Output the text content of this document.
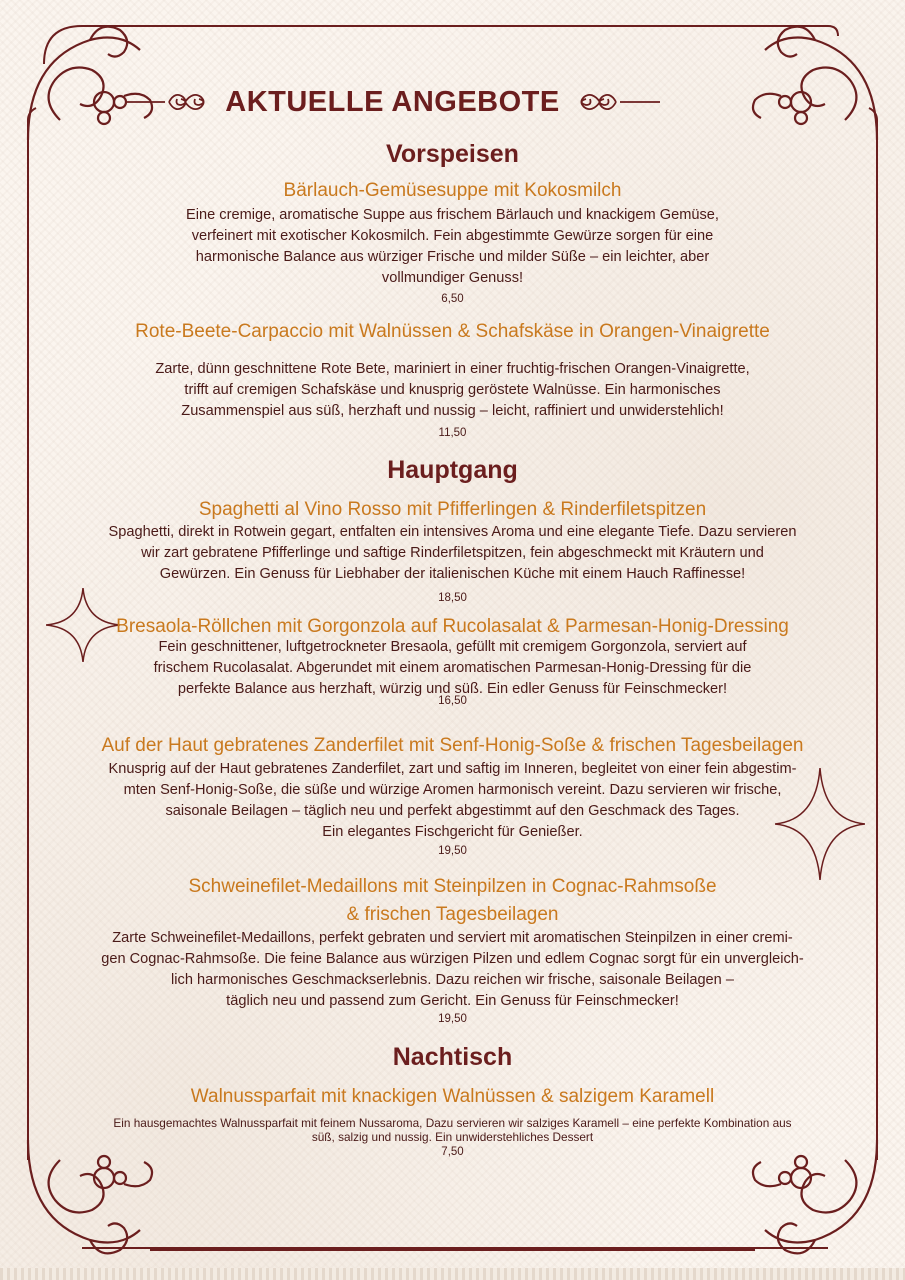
AKTUELLE ANGEBOTE
Vorspeisen
Bärlauch-Gemüsesuppe mit Kokosmilch
Eine cremige, aromatische Suppe aus frischem Bärlauch und knackigem Gemüse,
verfeinert mit exotischer Kokosmilch. Fein abgestimmte Gewürze sorgen für eine
harmonische Balance aus würziger Frische und milder Süße – ein leichter, aber
vollmundiger Genuss!
6,50
Rote-Beete-Carpaccio mit Walnüssen & Schafskäse in Orangen-Vinaigrette
Zarte, dünn geschnittene Rote Bete, mariniert in einer fruchtig-frischen Orangen-Vinaigrette,
trifft auf cremigen Schafskäse und knusprig geröstete Walnüsse. Ein harmonisches
Zusammenspiel aus süß, herzhaft und nussig – leicht, raffiniert und unwiderstehlich!
11,50
Hauptgang
Spaghetti al Vino Rosso mit Pfifferlingen & Rinderfiletspitzen
Spaghetti, direkt in Rotwein gegart, entfalten ein intensives Aroma und eine elegante Tiefe. Dazu servieren
wir zart gebratene Pfifferlinge und saftige Rinderfiletspitzen, fein abgeschmeckt mit Kräutern und
Gewürzen. Ein Genuss für Liebhaber der italienischen Küche mit einem Hauch Raffinesse!
18,50
Bresaola-Röllchen mit Gorgonzola auf Rucolasalat & Parmesan-Honig-Dressing
Fein geschnittener, luftgetrockneter Bresaola, gefüllt mit cremigem Gorgonzola, serviert auf
frischem Rucolasalat. Abgerundet mit einem aromatischen Parmesan-Honig-Dressing für die
perfekte Balance aus herzhaft, würzig und süß. Ein edler Genuss für Feinschmecker!
16,50
Auf der Haut gebratenes Zanderfilet mit Senf-Honig-Soße & frischen Tagesbeilagen
Knusprig auf der Haut gebratenes Zanderfilet, zart und saftig im Inneren, begleitet von einer fein abgestim-
mten Senf-Honig-Soße, die süße und würzige Aromen harmonisch vereint. Dazu servieren wir frische,
saisonale Beilagen – täglich neu und perfekt abgestimmt auf den Geschmack des Tages.
Ein elegantes Fischgericht für Genießer.
19,50
Schweinefilet-Medaillons mit Steinpilzen in Cognac-Rahmsoße
& frischen Tagesbeilagen
Zarte Schweinefilet-Medaillons, perfekt gebraten und serviert mit aromatischen Steinpilzen in einer cremi-
gen Cognac-Rahmsoße. Die feine Balance aus würzigen Pilzen und edlem Cognac sorgt für ein unvergleich-
lich harmonisches Geschmackserlebnis. Dazu reichen wir frische, saisonale Beilagen –
täglich neu und passend zum Gericht. Ein Genuss für Feinschmecker!
19,50
Nachtisch
Walnussparfait mit knackigen Walnüssen & salzigem Karamell
Ein hausgemachtes Walnussparfait mit feinem Nussaroma, Dazu servieren wir salziges Karamell – eine perfekte Kombination aus
süß, salzig und nussig. Ein unwiderstehliches Dessert
7,50
